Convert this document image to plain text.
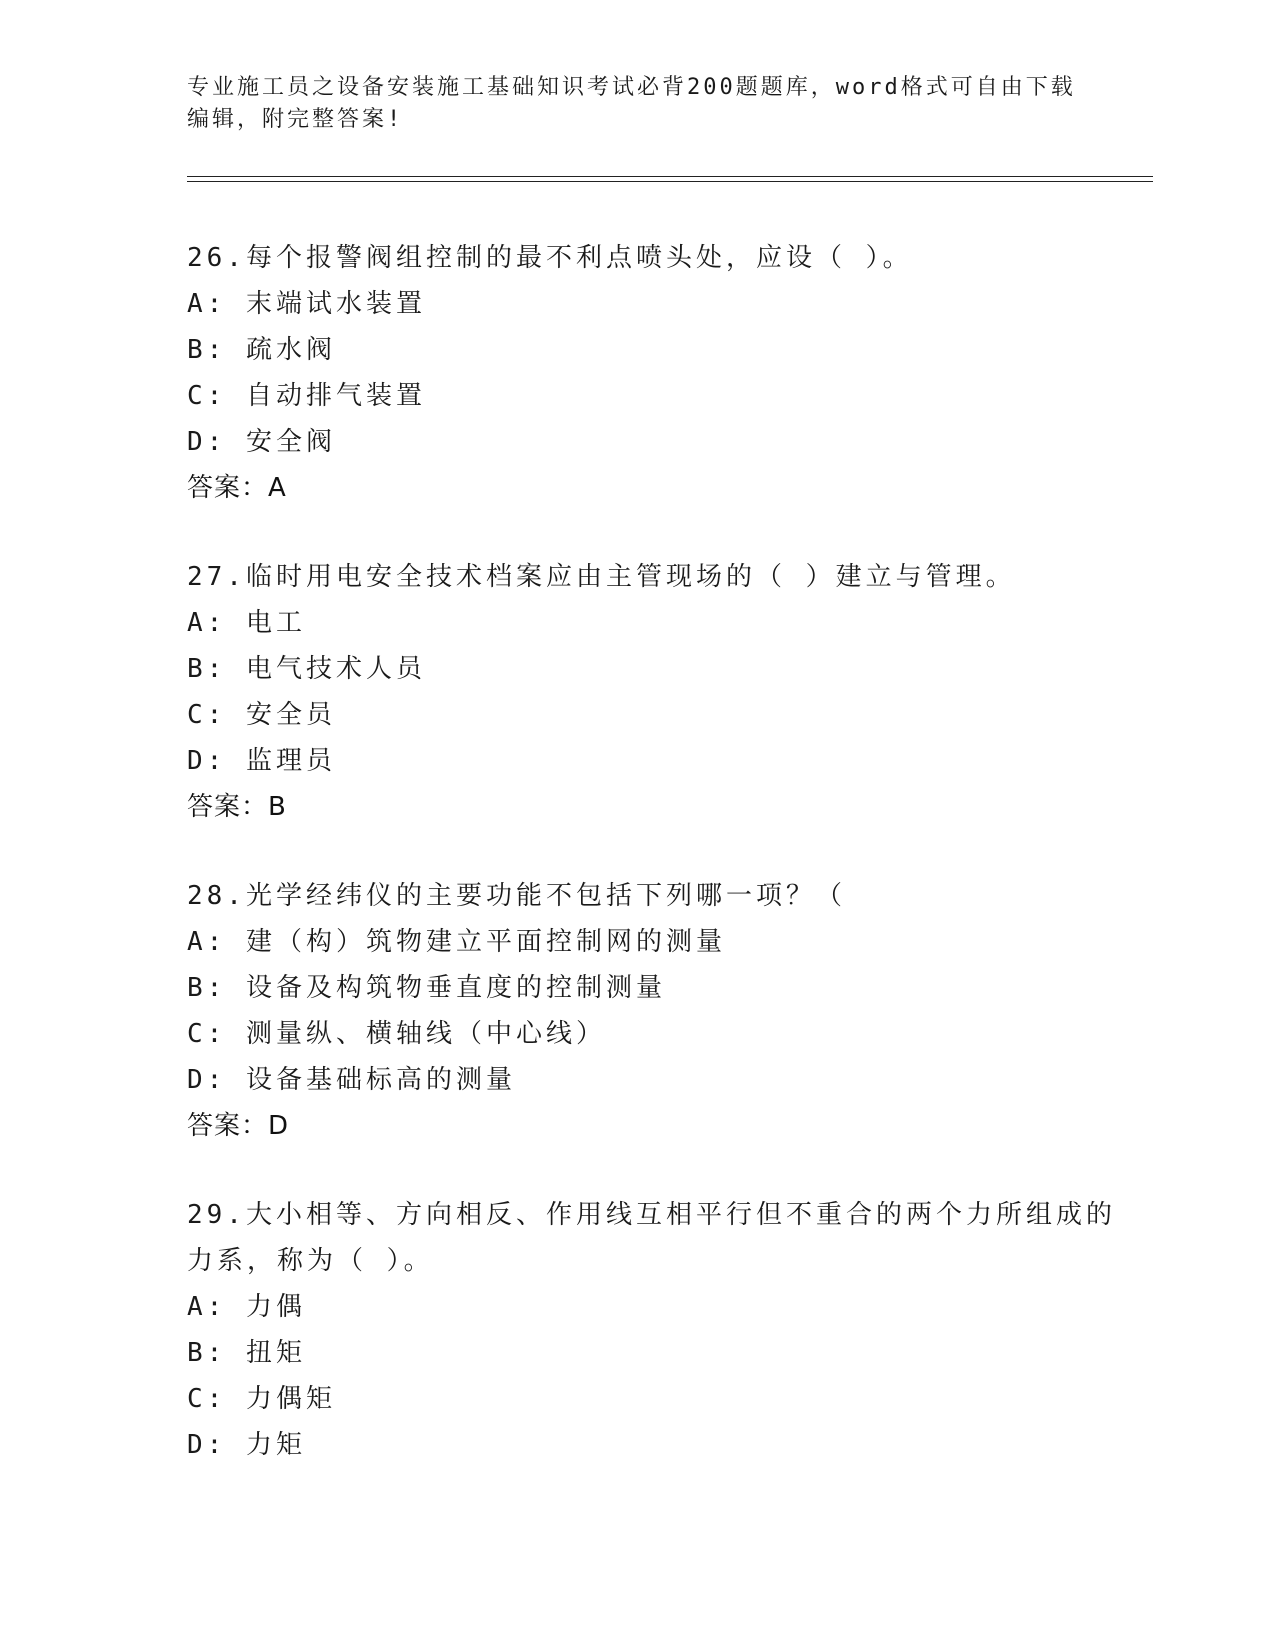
专业施工员之设备安装施工基础知识考试必背200题题库，word格式可自由下载
编辑，附完整答案!
26.每个报警阀组控制的最不利点喷头处，应设（ ）。
A: 末端试水装置
B: 疏水阀
C: 自动排气装置
D: 安全阀
答案：A
27.临时用电安全技术档案应由主管现场的（ ）建立与管理。
A: 电工
B: 电气技术人员
C: 安全员
D: 监理员
答案：B
28.光学经纬仪的主要功能不包括下列哪一项？（
A: 建（构）筑物建立平面控制网的测量
B: 设备及构筑物垂直度的控制测量
C: 测量纵、横轴线（中心线）
D: 设备基础标高的测量
答案：D
29.大小相等、方向相反、作用线互相平行但不重合的两个力所组成的
力系，称为（ ）。
A: 力偶
B: 扭矩
C: 力偶矩
D: 力矩
